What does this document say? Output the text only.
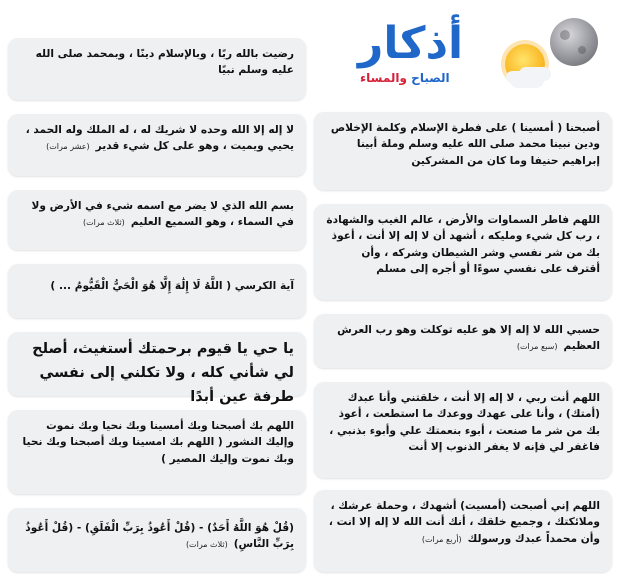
أذكار
الصباح والمساء

رضيت بالله ربًا ، وبالإسلام دينًا ، وبمحمد صلى الله عليه وسلم نبيًا

لا إله إلا الله وحده لا شريك له ، له الملك وله الحمد ، يحيي ويميت ، وهو على كل شيء قدير(عشر مرات)

بسم الله الذي لا يضر مع اسمه شيء في الأرض ولا في السماء ، وهو السميع العليم(ثلاث مرات)

آية الكرسي ( اللَّهُ لَا إِلَٰهَ إِلَّا هُوَ الْحَيُّ الْقَيُّومُ ... )

يا حي يا قيوم برحمتك أستغيث، أصلح لي شأني كله ، ولا تكلني إلى نفسي طرفة عين أبدًا

اللهم بك أصبحنا وبك أمسينا وبك نحيا وبك نموت وإليك النشور ( اللهم بك امسينا وبك أصبحنا وبك نحيا وبك نموت وإليك المصير )

(قُلْ هُوَ اللَّهُ أَحَدٌ) - (قُلْ أَعُوذُ بِرَبِّ الْفَلَقِ) - (قُلْ أَعُوذُ بِرَبِّ النَّاسِ)(ثلاث مرات)

أصبحنا ( أمسينا ) على فطرة الإسلام وكلمة الإخلاص ودين نبينا محمد صلى الله عليه وسلم وملة أبينا إبراهيم حنيفا وما كان من المشركين

اللهم فاطر السماوات والأرض ، عالم الغيب والشهادة ، رب كل شيء ومليكه ، أشهد أن لا إله إلا أنت ، أعوذ بك من شر نفسي وشر الشيطان وشركه ، وأن أقترف على نفسي سوءًا أو أجره إلى مسلم

حسبي الله لا إله إلا هو عليه توكلت وهو رب العرش العظيم(سبع مرات)

اللهم أنت ربي ، لا إله إلا أنت ، خلقتني وأنا عبدك (أمتك) ، وأنا على عهدك ووعدك ما استطعت ، أعوذ بك من شر ما صنعت ، أبوء بنعمتك علي وأبوء بذنبي ، فاغفر لي فإنه لا يغفر الذنوب إلا أنت

اللهم إني أصبحت (أمسيت) أشهدك ، وحملة عرشك ، وملائكتك ، وجميع خلقك ، أنك أنت الله لا إله إلا انت ، وأن محمداً عبدك ورسولك(أربع مرات)
